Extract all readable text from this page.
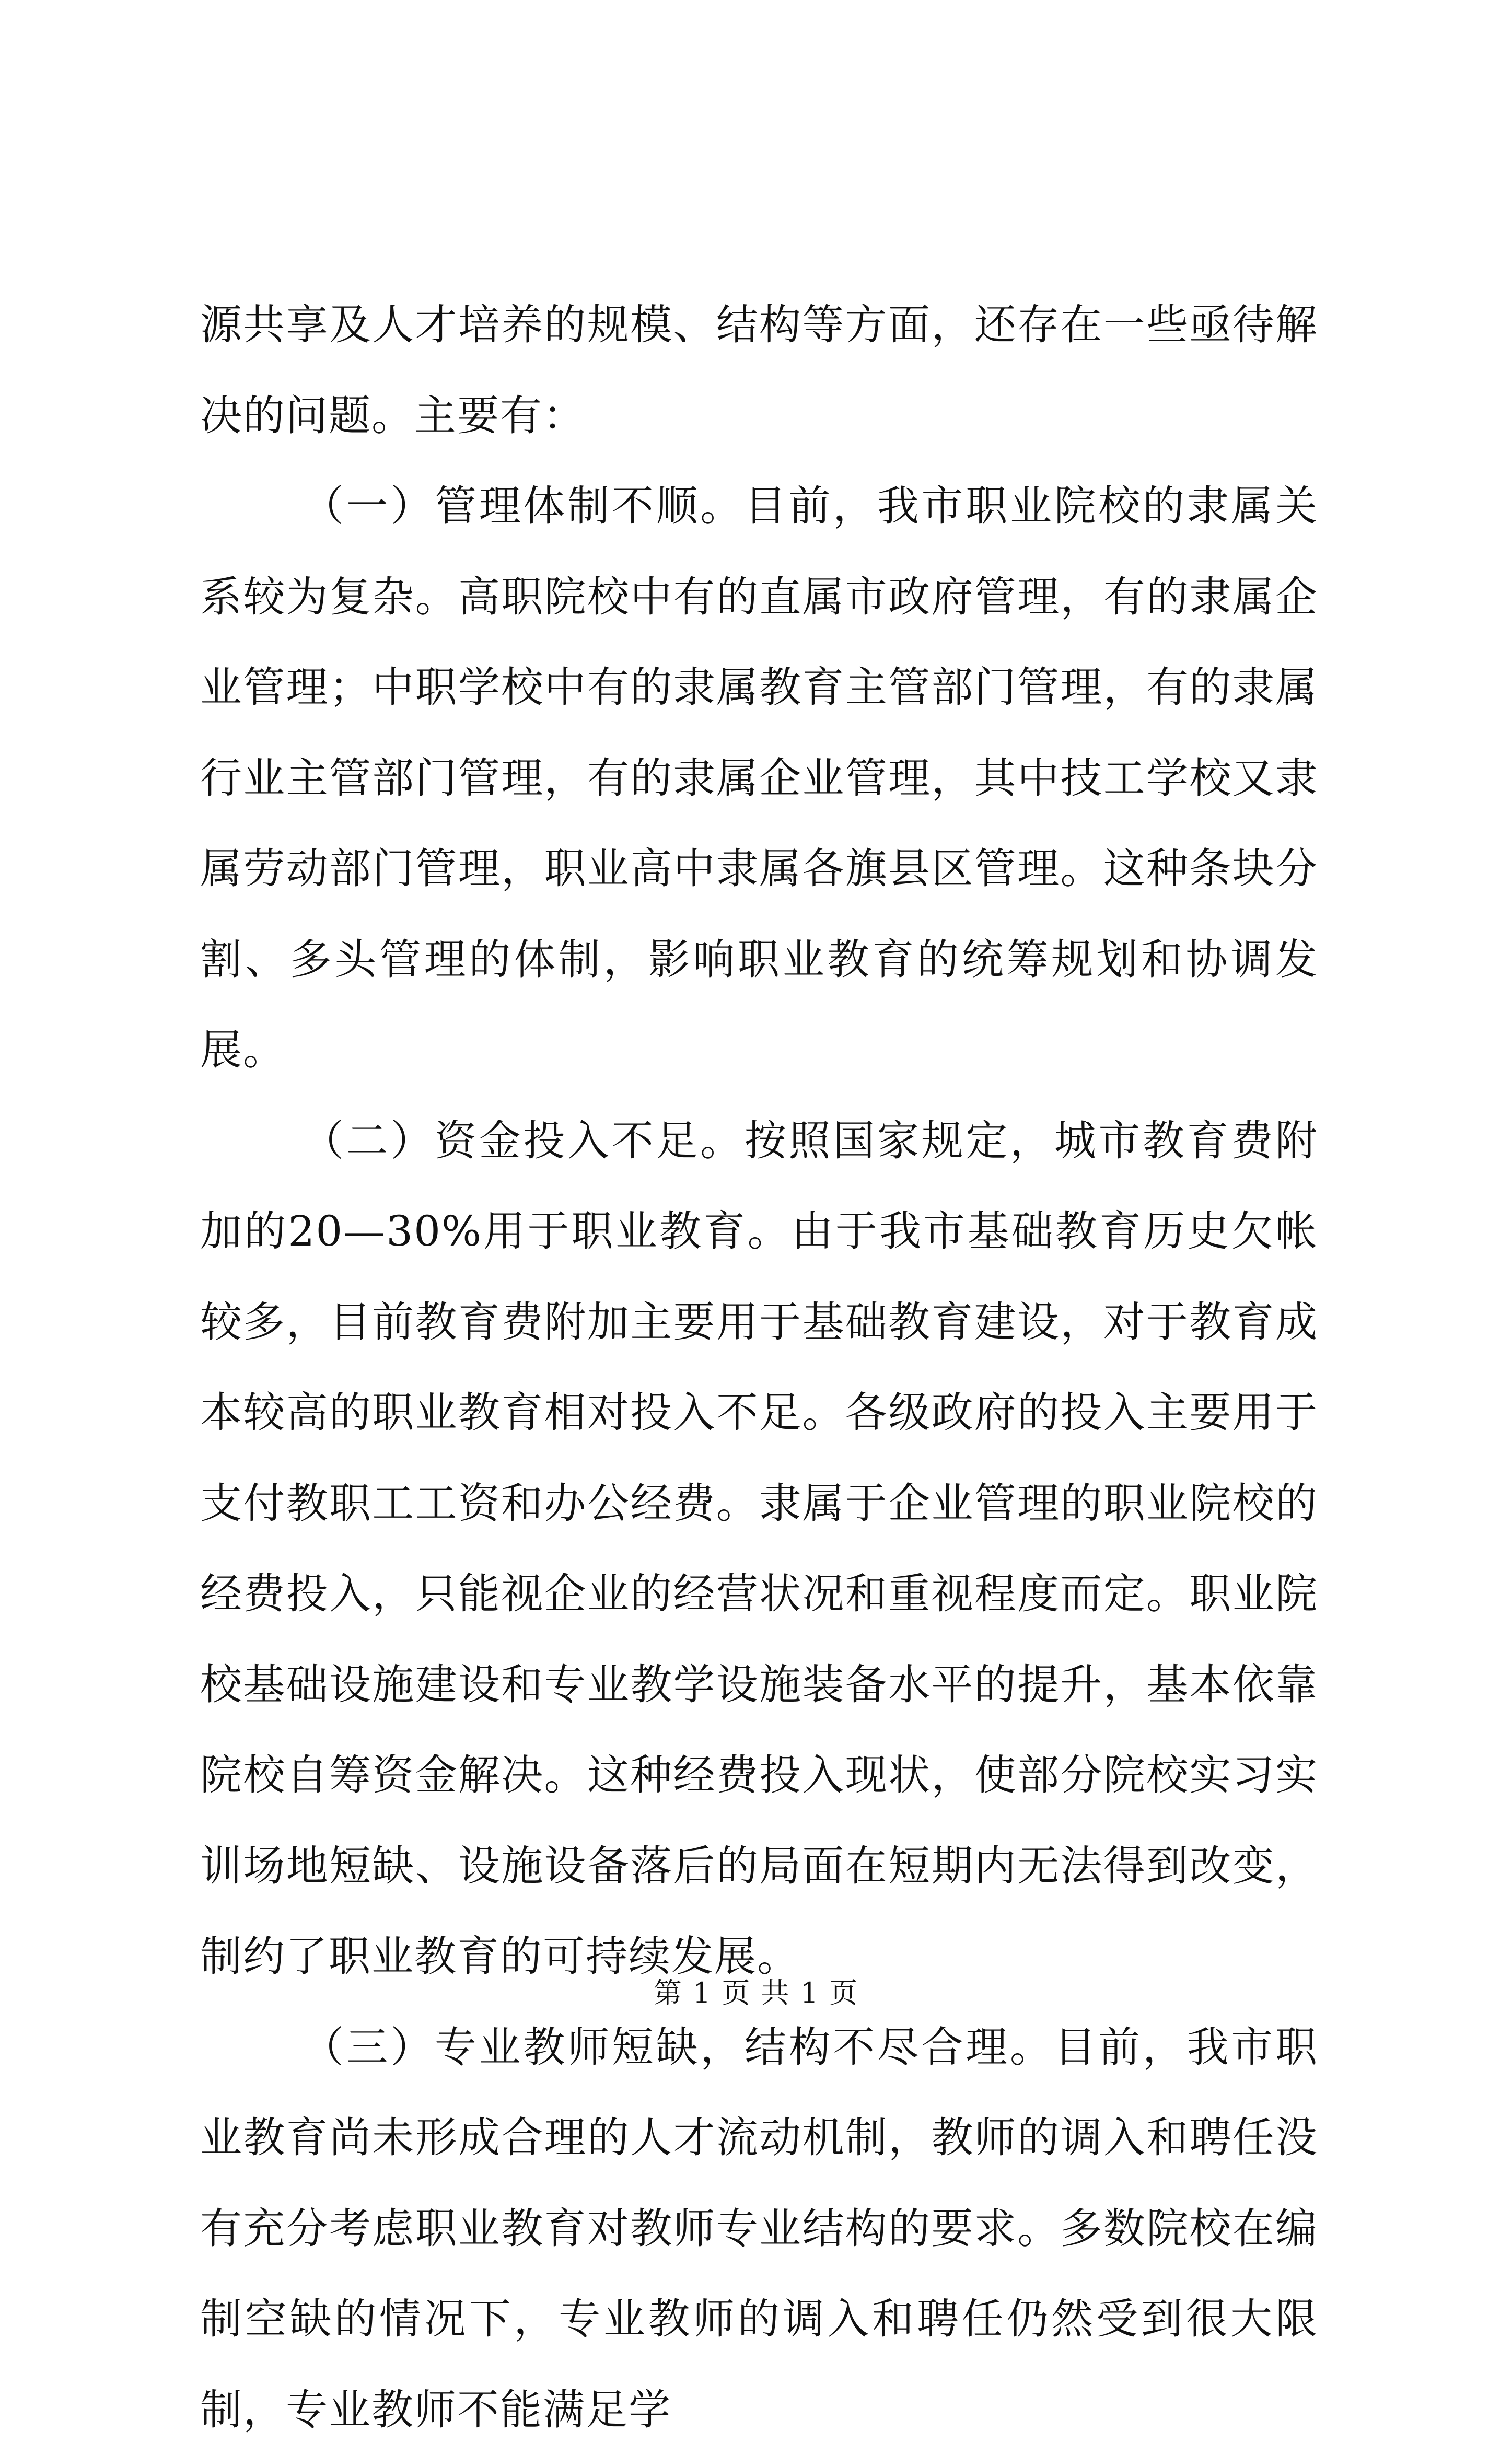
源共享及人才培养的规模、结构等方面，还存在一些亟待解决的问题。主要有：

（一）管理体制不顺。目前，我市职业院校的隶属关系较为复杂。高职院校中有的直属市政府管理，有的隶属企业管理；中职学校中有的隶属教育主管部门管理，有的隶属行业主管部门管理，有的隶属企业管理，其中技工学校又隶属劳动部门管理，职业高中隶属各旗县区管理。这种条块分割、多头管理的体制，影响职业教育的统筹规划和协调发展。

（二）资金投入不足。按照国家规定，城市教育费附加的20—30%用于职业教育。由于我市基础教育历史欠帐较多，目前教育费附加主要用于基础教育建设，对于教育成本较高的职业教育相对投入不足。各级政府的投入主要用于支付教职工工资和办公经费。隶属于企业管理的职业院校的经费投入，只能视企业的经营状况和重视程度而定。职业院校基础设施建设和专业教学设施装备水平的提升，基本依靠院校自筹资金解决。这种经费投入现状，使部分院校实习实训场地短缺、设施设备落后的局面在短期内无法得到改变，制约了职业教育的可持续发展。

（三）专业教师短缺，结构不尽合理。目前，我市职业教育尚未形成合理的人才流动机制，教师的调入和聘任没有充分考虑职业教育对教师专业结构的要求。多数院校在编制空缺的情况下，专业教师的调入和聘任仍然受到很大限制，专业教师不能满足学

第 1 页 共 1 页
